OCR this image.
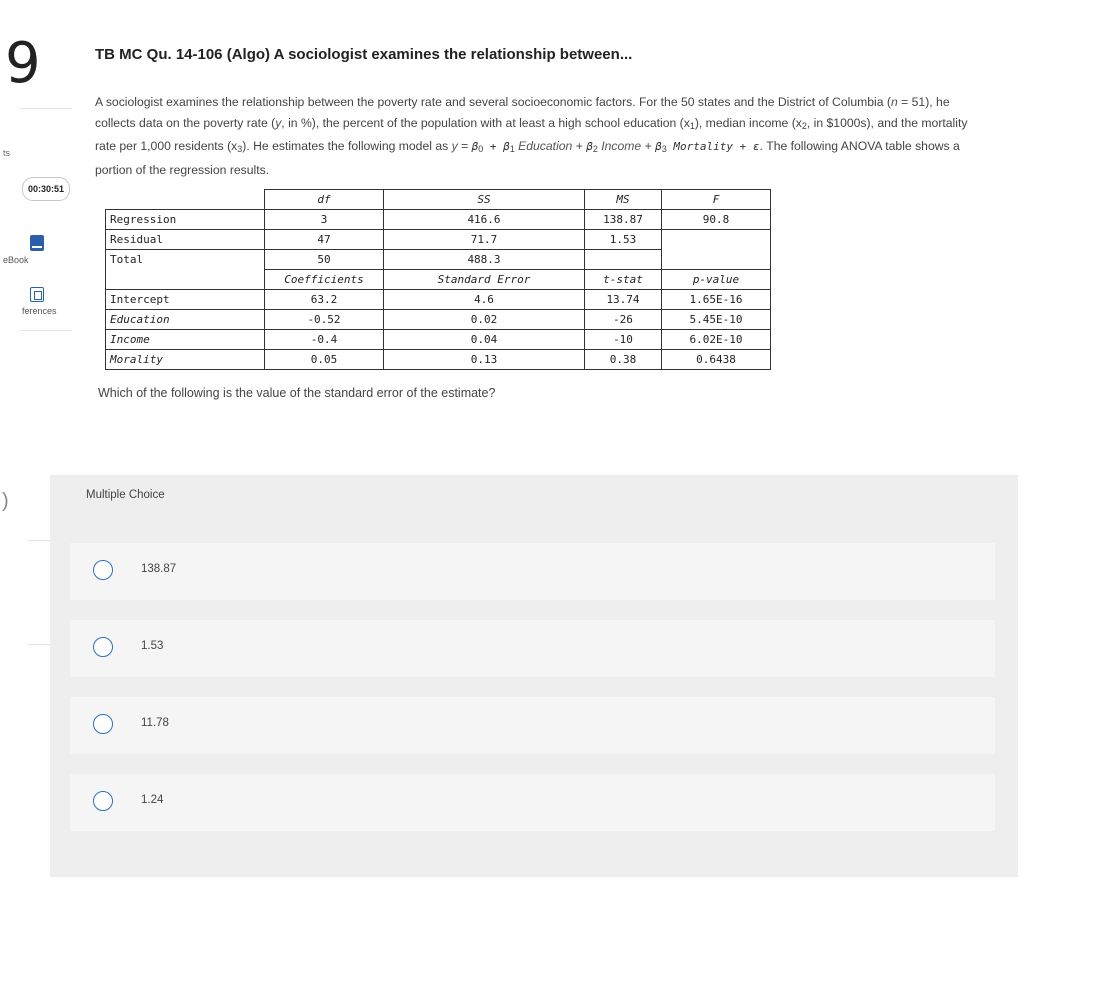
9
ts
00:30:51
eBook
ferences
)
TB MC Qu. 14-106 (Algo) A sociologist examines the relationship between...
A sociologist examines the relationship between the poverty rate and several socioeconomic factors. For the 50 states and the District of Columbia (n = 51), he
collects data on the poverty rate (y, in %), the percent of the population with at least a high school education $(x_1)$, median income ($x_2$, in $1000s), and the mortality
rate per 1,000 residents $(x_3)$. He estimates the following model as $y = \beta_0 + \beta_1$ Education + $\beta_2$ Income + $\beta_3$ Mortality + ε. The following ANOVA table shows a
portion of the regression results.
	df	SS	MS	F
Regression	3	416.6	138.87	90.8
Residual	47	71.7	1.53	
Total	50	488.3		
	Coefficients	Standard Error	t-stat	p-value
Intercept	63.2	4.6	13.74	1.65E-16
Education	-0.52	0.02	-26	5.45E-10
Income	-0.4	0.04	-10	6.02E-10
Morality	0.05	0.13	0.38	0.6438
Which of the following is the value of the standard error of the estimate?
Multiple Choice
138.87
1.53
11.78
1.24
